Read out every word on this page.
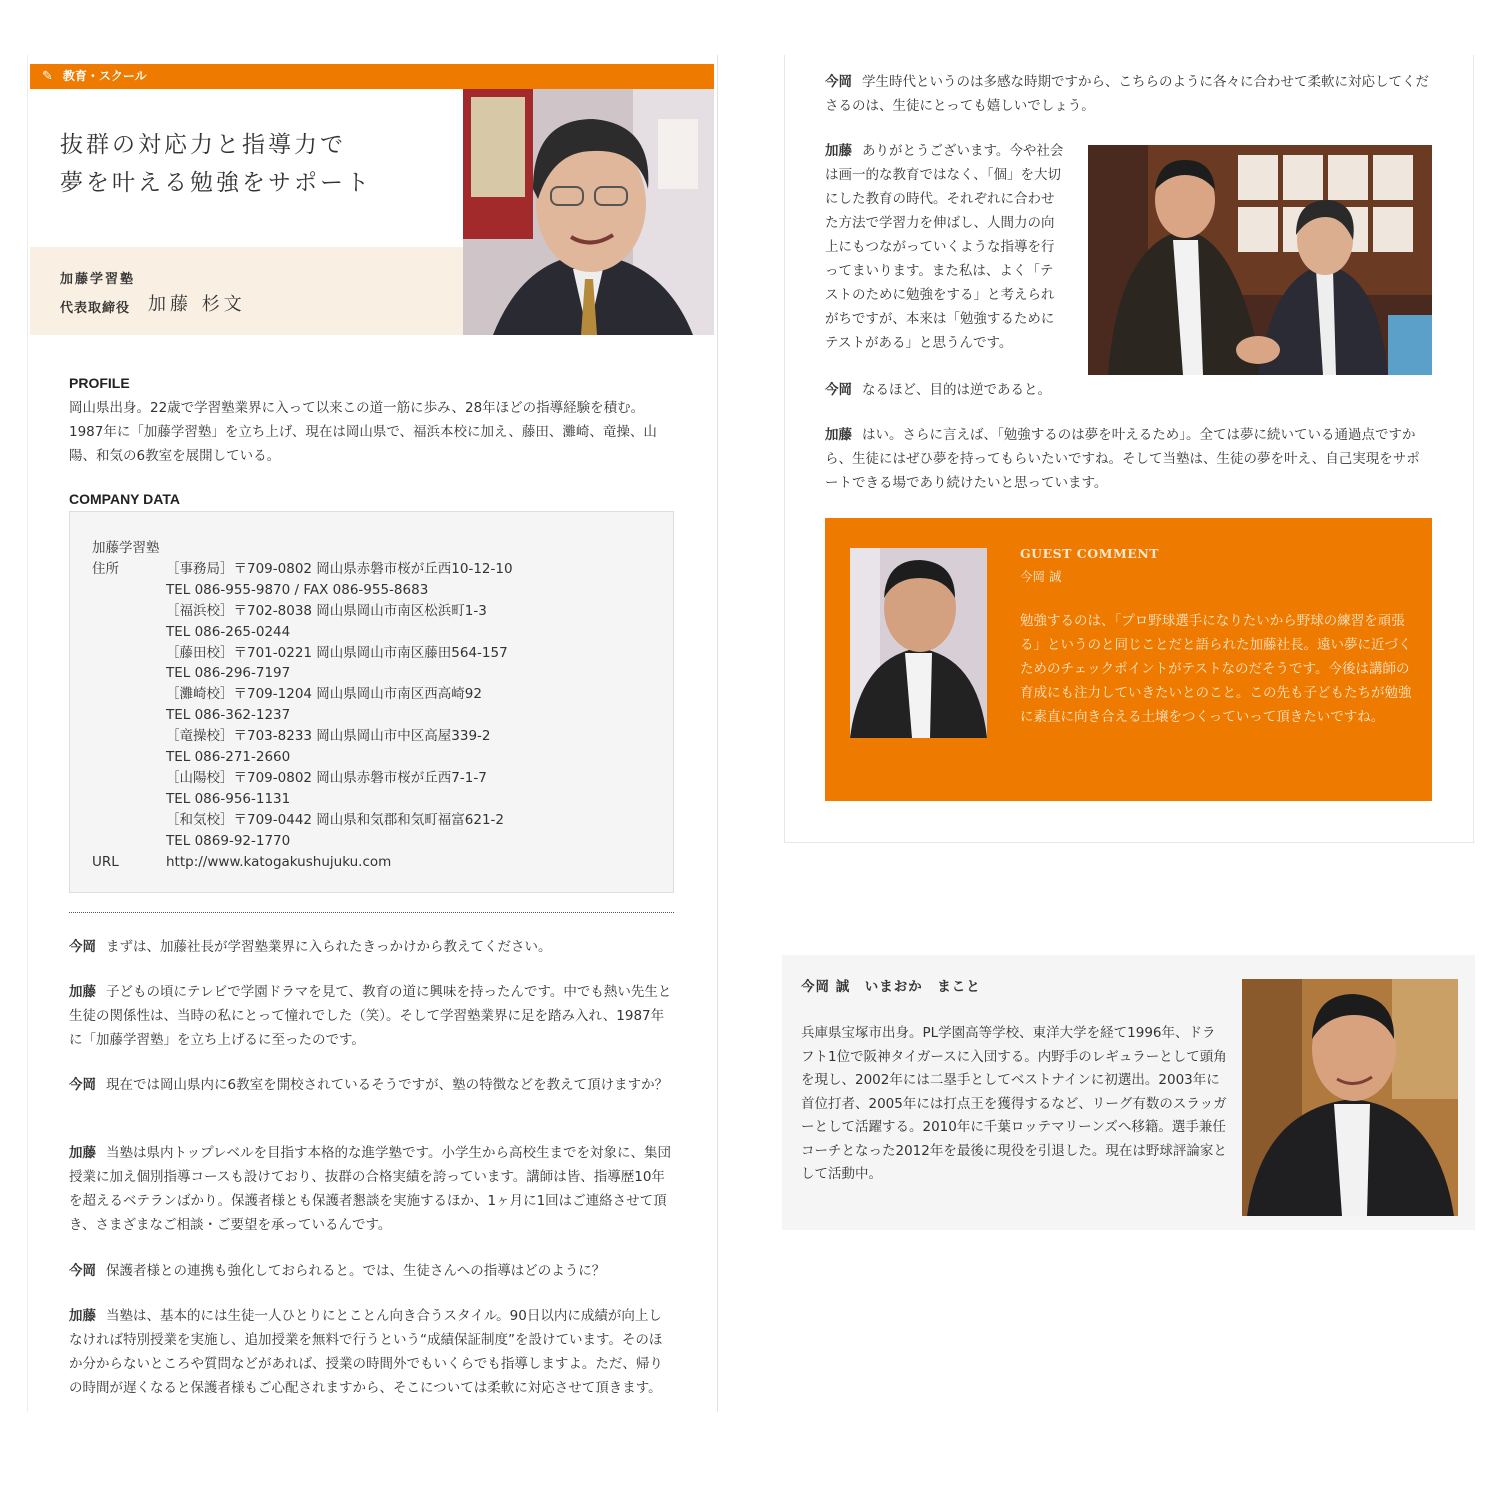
✎ 教育・スクール
抜群の対応力と指導力で
夢を叶える勉強をサポート
加藤学習塾
代表取締役 加藤 杉文
PROFILE
岡山県出身。22歳で学習塾業界に入って以来この道一筋に歩み、28年ほどの指導経験を積む。1987年に「加藤学習塾」を立ち上げ、現在は岡山県で、福浜本校に加え、藤田、灘崎、竜操、山陽、和気の6教室を展開している。
COMPANY DATA
加藤学習塾
住所	［事務局］〒709-0802 岡山県赤磐市桜が丘西10-12-10
TEL 086-955-9870 / FAX 086-955-8683
［福浜校］〒702-8038 岡山県岡山市南区松浜町1-3
TEL 086-265-0244
［藤田校］〒701-0221 岡山県岡山市南区藤田564-157
TEL 086-296-7197
［灘崎校］〒709-1204 岡山県岡山市南区西高崎92
TEL 086-362-1237
［竜操校］〒703-8233 岡山県岡山市中区高屋339-2
TEL 086-271-2660
［山陽校］〒709-0802 岡山県赤磐市桜が丘西7-1-7
TEL 086-956-1131
［和気校］〒709-0442 岡山県和気郡和気町福富621-2
TEL 0869-92-1770
URL	http://www.katogakushujuku.com
今岡 まずは、加藤社長が学習塾業界に入られたきっかけから教えてください。
加藤 子どもの頃にテレビで学園ドラマを見て、教育の道に興味を持ったんです。中でも熱い先生と生徒の関係性は、当時の私にとって憧れでした（笑）。そして学習塾業界に足を踏み入れ、1987年に「加藤学習塾」を立ち上げるに至ったのです。
今岡 現在では岡山県内に6教室を開校されているそうですが、塾の特徴などを教えて頂けますか？
加藤 当塾は県内トップレベルを目指す本格的な進学塾です。小学生から高校生までを対象に、集団授業に加え個別指導コースも設けており、抜群の合格実績を誇っています。講師は皆、指導歴10年を超えるベテランばかり。保護者様とも保護者懇談を実施するほか、1ヶ月に1回はご連絡させて頂き、さまざまなご相談・ご要望を承っているんです。
今岡 保護者様との連携も強化しておられると。では、生徒さんへの指導はどのように？
加藤 当塾は、基本的には生徒一人ひとりにとことん向き合うスタイル。90日以内に成績が向上しなければ特別授業を実施し、追加授業を無料で行うという“成績保証制度”を設けています。そのほか分からないところや質問などがあれば、授業の時間外でもいくらでも指導しますよ。ただ、帰りの時間が遅くなると保護者様もご心配されますから、そこについては柔軟に対応させて頂きます。
今岡 学生時代というのは多感な時期ですから、こちらのように各々に合わせて柔軟に対応してくださるのは、生徒にとっても嬉しいでしょう。
加藤 ありがとうございます。今や社会は画一的な教育ではなく、「個」を大切にした教育の時代。それぞれに合わせた方法で学習力を伸ばし、人間力の向上にもつながっていくような指導を行ってまいります。また私は、よく「テストのために勉強をする」と考えられがちですが、本来は「勉強するためにテストがある」と思うんです。
今岡 なるほど、目的は逆であると。
加藤 はい。さらに言えば、「勉強するのは夢を叶えるため」。全ては夢に続いている通過点ですから、生徒にはぜひ夢を持ってもらいたいですね。そして当塾は、生徒の夢を叶え、自己実現をサポートできる場であり続けたいと思っています。
GUEST COMMENT
今岡 誠
勉強するのは、「プロ野球選手になりたいから野球の練習を頑張る」というのと同じことだと語られた加藤社長。遠い夢に近づくためのチェックポイントがテストなのだそうです。今後は講師の育成にも注力していきたいとのこと。この先も子どもたちが勉強に素直に向き合える土壌をつくっていって頂きたいですね。
今岡 誠　いまおか　まこと
兵庫県宝塚市出身。PL学園高等学校、東洋大学を経て1996年、ドラフト1位で阪神タイガースに入団する。内野手のレギュラーとして頭角を現し、2002年には二塁手としてベストナインに初選出。2003年に首位打者、2005年には打点王を獲得するなど、リーグ有数のスラッガーとして活躍する。2010年に千葉ロッテマリーンズへ移籍。選手兼任コーチとなった2012年を最後に現役を引退した。現在は野球評論家として活動中。
